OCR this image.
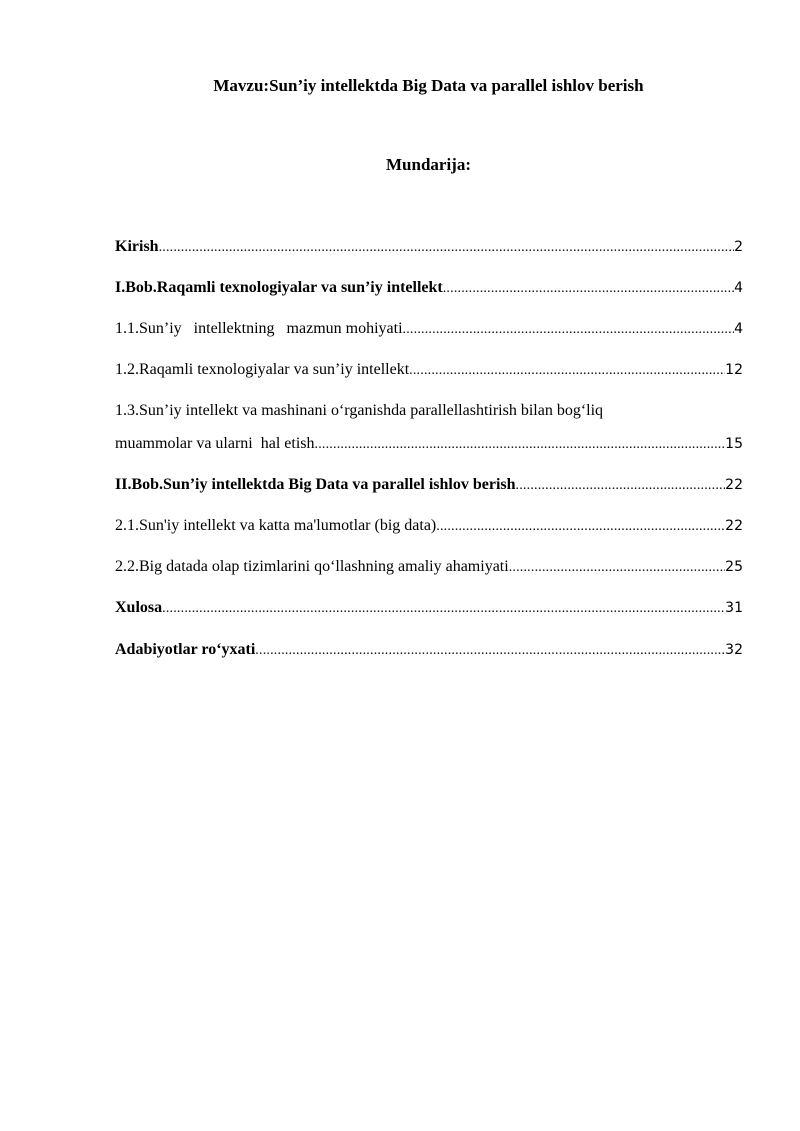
Mavzu:Sun’iy intellektda Big Data va parallel ishlov berish
Mundarija:
Kirish .....	2
I.Bob.Raqamli texnologiyalar va sun’iy intellekt .....	4
1.1.Sun’iy   intellektning   mazmun mohiyati .....	4
1.2.Raqamli texnologiyalar va sun’iy intellekt .....	12
1.3.Sun’iy intellekt va mashinani o‘rganishda parallellashtirish bilan bog‘liq
muammolar va ularni  hal etish .....	15
II.Bob.Sun’iy intellektda Big Data va parallel ishlov berish .....	22
2.1.Sun'iy intellekt va katta ma'lumotlar (big data) .....	22
2.2.Big datada olap tizimlarini qo‘llashning amaliy ahamiyati .....	25
Xulosa .....	31
Adabiyotlar ro‘yxati .....	32
